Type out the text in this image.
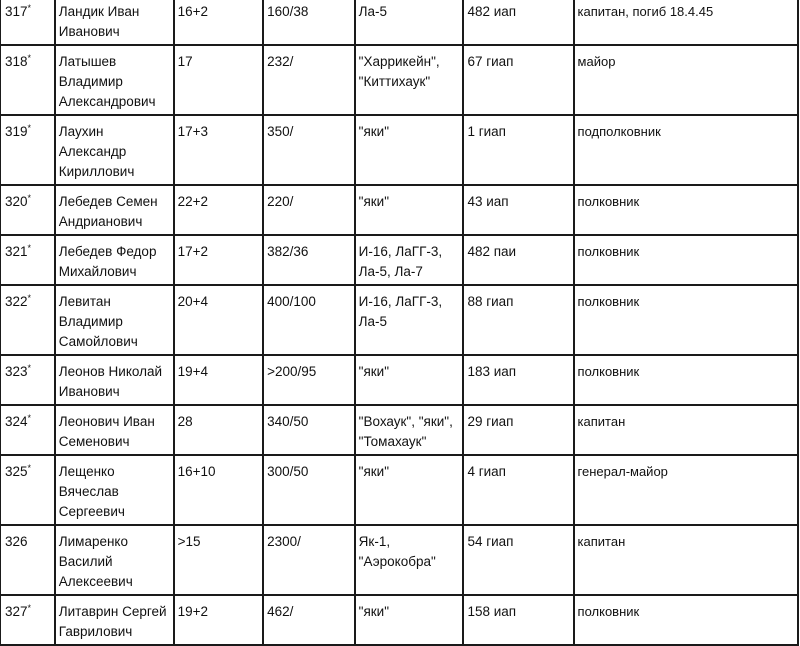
317*	Ландик Иван Иванович	16+2	160/38	Ла-5	482 иап	капитан, погиб 18.4.45
318*	Латышев Владимир Александрович	17	232/	"Харрикейн", "Киттихаук"	67 гиап	майор
319*	Лаухин Александр Кириллович	17+3	350/	"яки"	1 гиап	подполковник
320*	Лебедев Семен Андрианович	22+2	220/	"яки"	43 иап	полковник
321*	Лебедев Федор Михайлович	17+2	382/36	И-16, ЛаГГ-3, Ла-5, Ла-7	482 паи	полковник
322*	Левитан Владимир Самойлович	20+4	400/100	И-16, ЛаГГ-3, Ла-5	88 гиап	полковник
323*	Леонов Николай Иванович	19+4	>200/95	"яки"	183 иап	полковник
324*	Леонович Иван Семенович	28	340/50	"Вохаук", "яки", "Томахаук"	29 гиап	капитан
325*	Лещенко Вячеслав Сергеевич	16+10	300/50	"яки"	4 гиап	генерал-майор
326	Лимаренко Василий Алексеевич	>15	2300/	Як-1, "Аэрокобра"	54 гиап	капитан
327*	Литаврин Сергей Гаврилович	19+2	462/	"яки"	158 иап	полковник
